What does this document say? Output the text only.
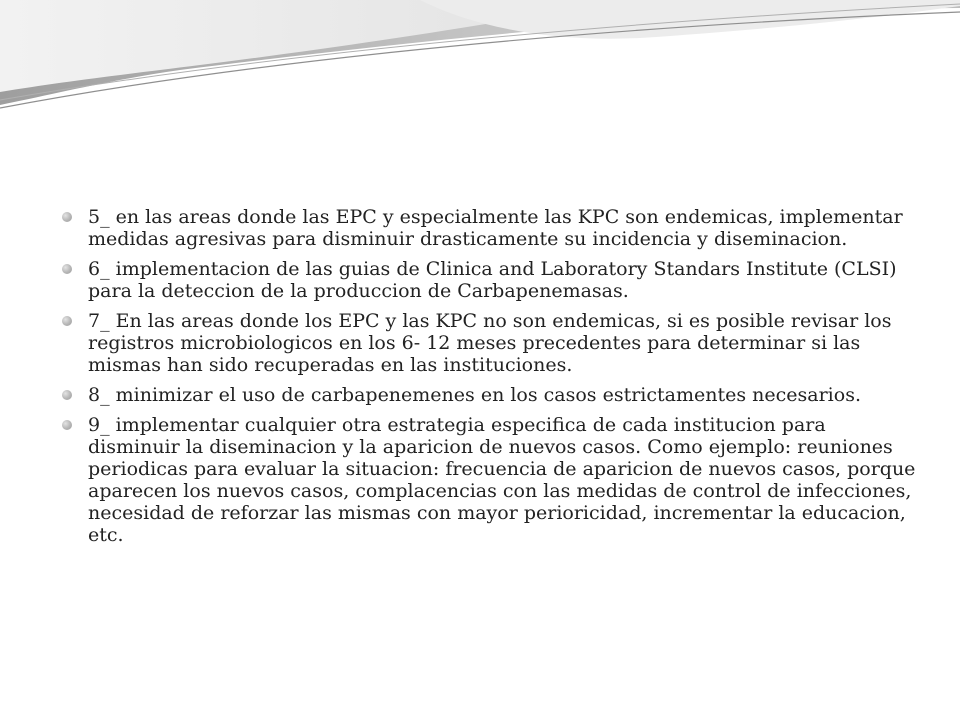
5_ en las areas donde las EPC y especialmente las KPC son endemicas, implementar medidas agresivas para disminuir drasticamente su incidencia y diseminacion.
6_ implementacion de las guias de Clinica and Laboratory Standars Institute (CLSI) para la deteccion de la produccion de Carbapenemasas.
7_ En las areas donde los EPC y las KPC no son endemicas, si es posible revisar los registros microbiologicos en los 6- 12 meses precedentes para determinar si las mismas han sido recuperadas en las instituciones.
8_ minimizar el uso de carbapenemenes en los casos estrictamentes necesarios.
9_ implementar cualquier otra estrategia especifica de cada institucion para disminuir la diseminacion y la aparicion de nuevos casos. Como ejemplo: reuniones periodicas para evaluar la situacion: frecuencia de aparicion de nuevos casos, porque aparecen los nuevos casos, complacencias con las medidas de control de infecciones, necesidad de reforzar las mismas con mayor perioricidad, incrementar la educacion, etc.
